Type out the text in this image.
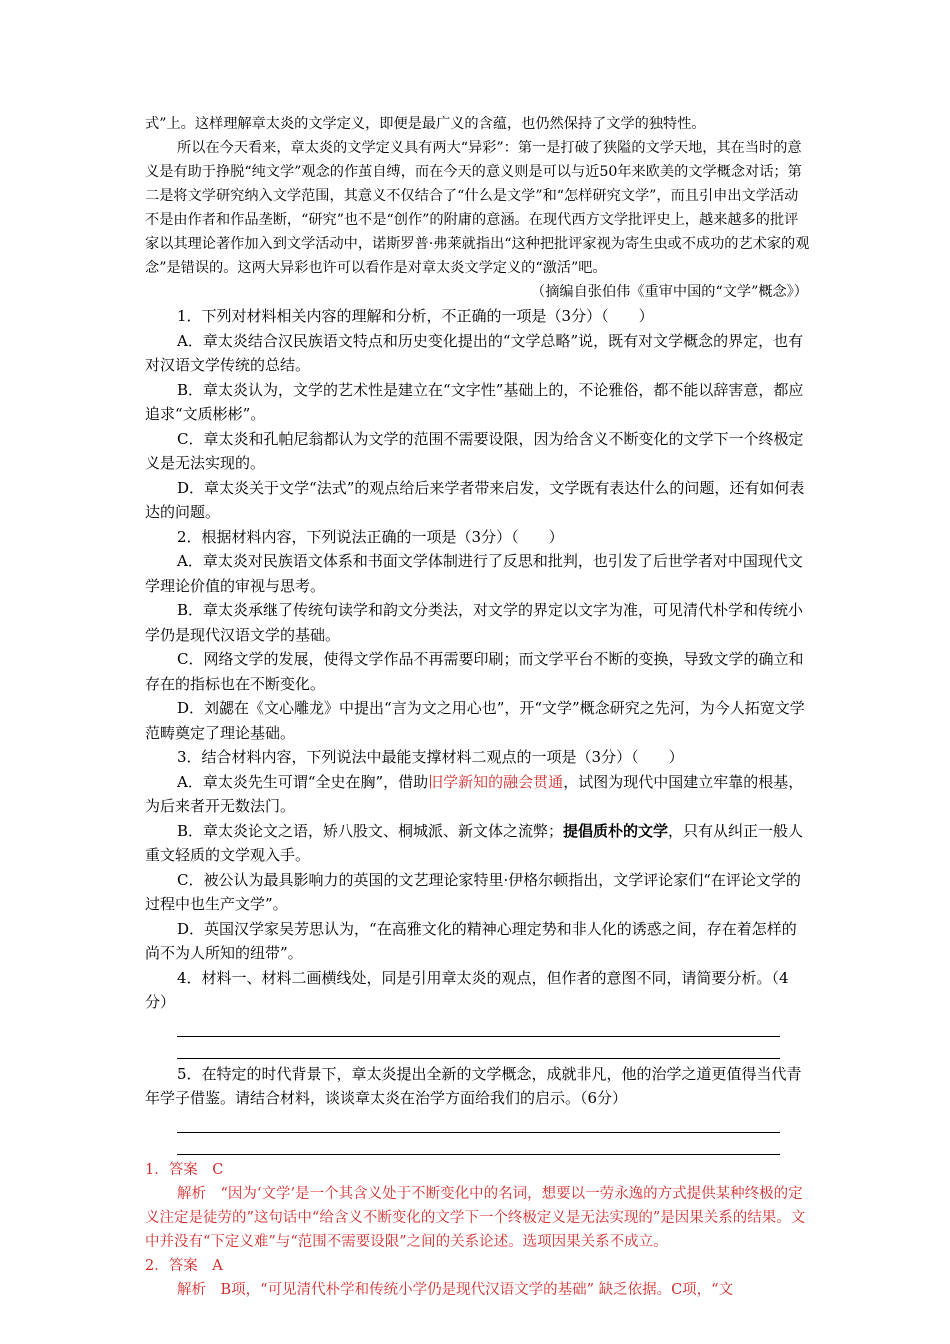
式”上。这样理解章太炎的文学定义，即便是最广义的含蕴，也仍然保持了文学的独特性。

所以在今天看来，章太炎的文学定义具有两大“异彩”：第一是打破了狭隘的文学天地，其在当时的意义是有助于挣脱“纯文学”观念的作茧自缚，而在今天的意义则是可以与近50年来欧美的文学概念对话；第二是将文学研究纳入文学范围，其意义不仅结合了“什么是文学”和“怎样研究文学”，而且引申出文学活动不是由作者和作品垄断，“研究”也不是“创作”的附庸的意涵。在现代西方文学批评史上，越来越多的批评家以其理论著作加入到文学活动中，诺斯罗普·弗莱就指出“这种把批评家视为寄生虫或不成功的艺术家的观念”是错误的。这两大异彩也许可以看作是对章太炎文学定义的“激活”吧。

（摘编自张伯伟《重审中国的“文学”概念》）

1．下列对材料相关内容的理解和分析，不正确的一项是（3分）（　　）

A．章太炎结合汉民族语文特点和历史变化提出的“文学总略”说，既有对文学概念的界定，也有对汉语文学传统的总结。

B．章太炎认为，文学的艺术性是建立在“文字性”基础上的，不论雅俗，都不能以辞害意，都应追求“文质彬彬”。

C．章太炎和孔帕尼翁都认为文学的范围不需要设限，因为给含义不断变化的文学下一个终极定义是无法实现的。

D．章太炎关于文学“法式”的观点给后来学者带来启发，文学既有表达什么的问题，还有如何表达的问题。

2．根据材料内容，下列说法正确的一项是（3分）（　　）

A．章太炎对民族语文体系和书面文学体制进行了反思和批判，也引发了后世学者对中国现代文学理论价值的审视与思考。

B．章太炎承继了传统句读学和韵文分类法，对文学的界定以文字为准，可见清代朴学和传统小学仍是现代汉语文学的基础。

C．网络文学的发展，使得文学作品不再需要印刷；而文学平台不断的变换，导致文学的确立和存在的指标也在不断变化。

D．刘勰在《文心雕龙》中提出“言为文之用心也”，开“文学”概念研究之先河，为今人拓宽文学范畴奠定了理论基础。

3．结合材料内容，下列说法中最能支撑材料二观点的一项是（3分）（　　）

A．章太炎先生可谓“全史在胸”，借助旧学新知的融会贯通，试图为现代中国建立牢靠的根基，为后来者开无数法门。

B．章太炎论文之语，矫八股文、桐城派、新文体之流弊；提倡质朴的文学，只有从纠正一般人重文轻质的文学观入手。

C．被公认为最具影响力的英国的文艺理论家特里·伊格尔顿指出，文学评论家们“在评论文学的过程中也生产文学”。

D．英国汉学家吴芳思认为，“在高雅文化的精神心理定势和非人化的诱惑之间，存在着怎样的尚不为人所知的纽带”。

4．材料一、材料二画横线处，同是引用章太炎的观点，但作者的意图不同，请简要分析。（4分）

5．在特定的时代背景下，章太炎提出全新的文学概念，成就非凡，他的治学之道更值得当代青年学子借鉴。请结合材料，谈谈章太炎在治学方面给我们的启示。（6分）

1．答案　C

解析　“因为‘文学’是一个其含义处于不断变化中的名词，想要以一劳永逸的方式提供某种终极的定义注定是徒劳的”这句话中“给含义不断变化的文学下一个终极定义是无法实现的”是因果关系的结果。文中并没有“下定义难”与“范围不需要设限”之间的关系论述。选项因果关系不成立。

2．答案　A

解析　B项，“可见清代朴学和传统小学仍是现代汉语文学的基础” 缺乏依据。C项，“文
